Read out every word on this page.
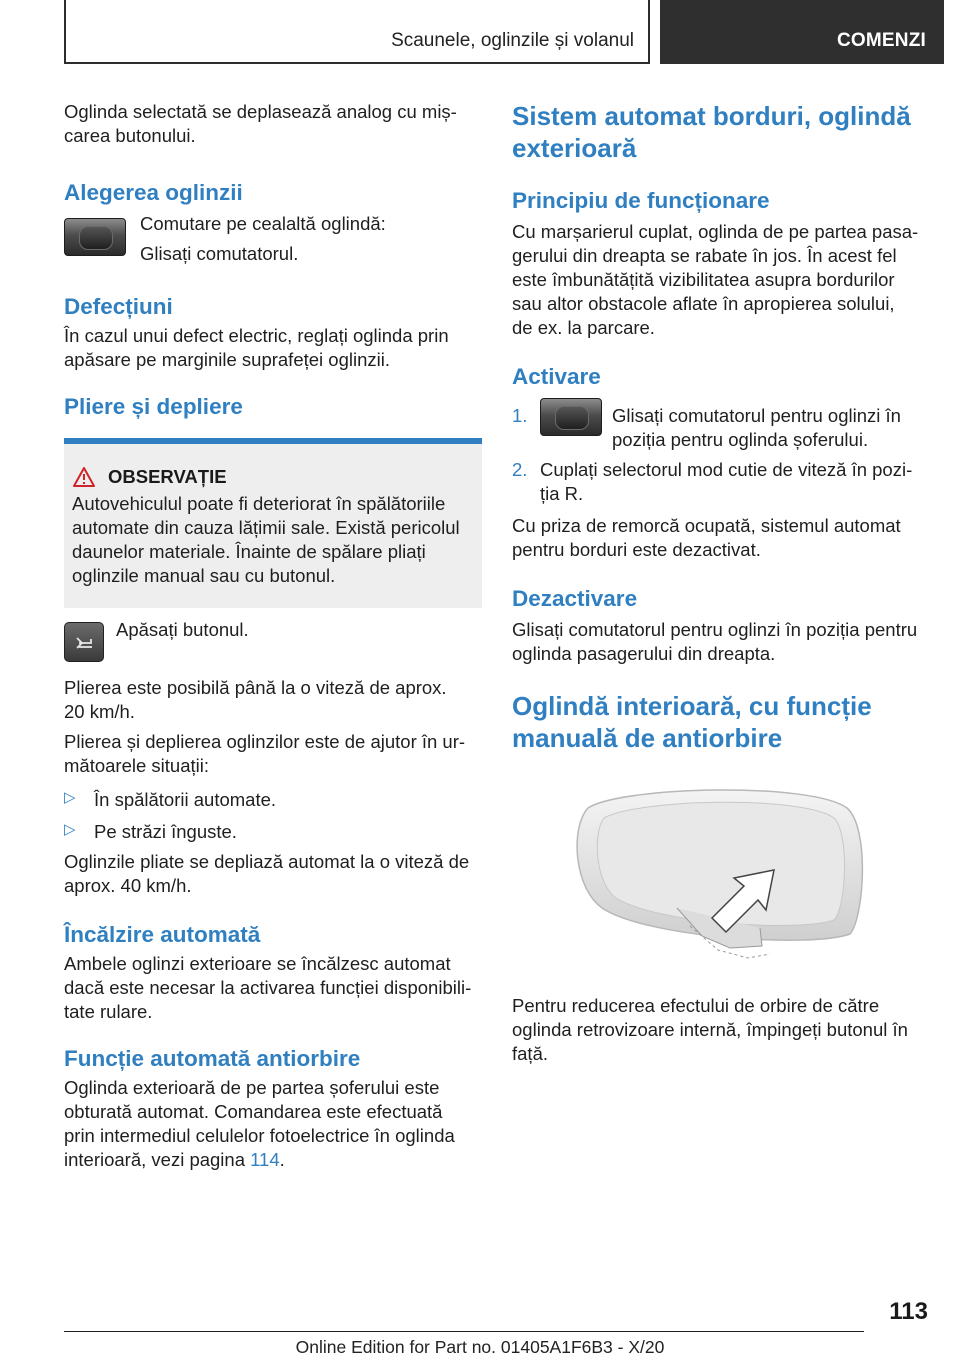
Scaunele, oglinzile și volanul	COMENZI

Oglinda selectată se deplasează analog cu miș-
carea butonului.

Alegerea oglinzii

Comutare pe cealaltă oglindă:

Glisați comutatorul.

Defecțiuni

În cazul unui defect electric, reglați oglinda prin
apăsare pe marginile suprafeței oglinzii.

Pliere și depliere
OBSERVAȚIE

Autovehiculul poate fi deteriorat în spălătoriile
automate din cauza lățimii sale. Există pericolul
daunelor materiale. Înainte de spălare pliați
oglinzile manual sau cu butonul.

Apăsați butonul.

Plierea este posibilă până la o viteză de aprox.
20 km/h.

Plierea și deplierea oglinzilor este de ajutor în ur-
mătoarele situații:

▷ În spălătorii automate.

▷ Pe străzi înguste.

Oglinzile pliate se depliază automat la o viteză de
aprox. 40 km/h.

Încălzire automată

Ambele oglinzi exterioare se încălzesc automat
dacă este necesar la activarea funcției disponibili-
tate rulare.

Funcție automată antiorbire

Oglinda exterioară de pe partea șoferului este
obturată automat. Comandarea este efectuată
prin intermediul celulelor fotoelectrice în oglinda
interioară, vezi pagina 114.

Sistem automat borduri, oglindă
exterioară
Principiu de funcționare

Cu marșarierul cuplat, oglinda de pe partea pasa-
gerului din dreapta se rabate în jos. În acest fel
este îmbunătățită vizibilitatea asupra bordurilor
sau altor obstacole aflate în apropierea solului,
de ex. la parcare.

Activare

1.	Glisați comutatorul pentru oglinzi în
poziția pentru oglinda șoferului.

2. Cuplați selectorul mod cutie de viteză în pozi-
ția R.

Cu priza de remorcă ocupată, sistemul automat
pentru borduri este dezactivat.

Dezactivare

Glisați comutatorul pentru oglinzi în poziția pentru
oglinda pasagerului din dreapta.

Oglindă interioară, cu funcție
manuală de antiorbire

Pentru reducerea efectului de orbire de către
oglinda retrovizoare internă, împingeți butonul în
față.

113
Online Edition for Part no. 01405A1F6B3 - X/20
